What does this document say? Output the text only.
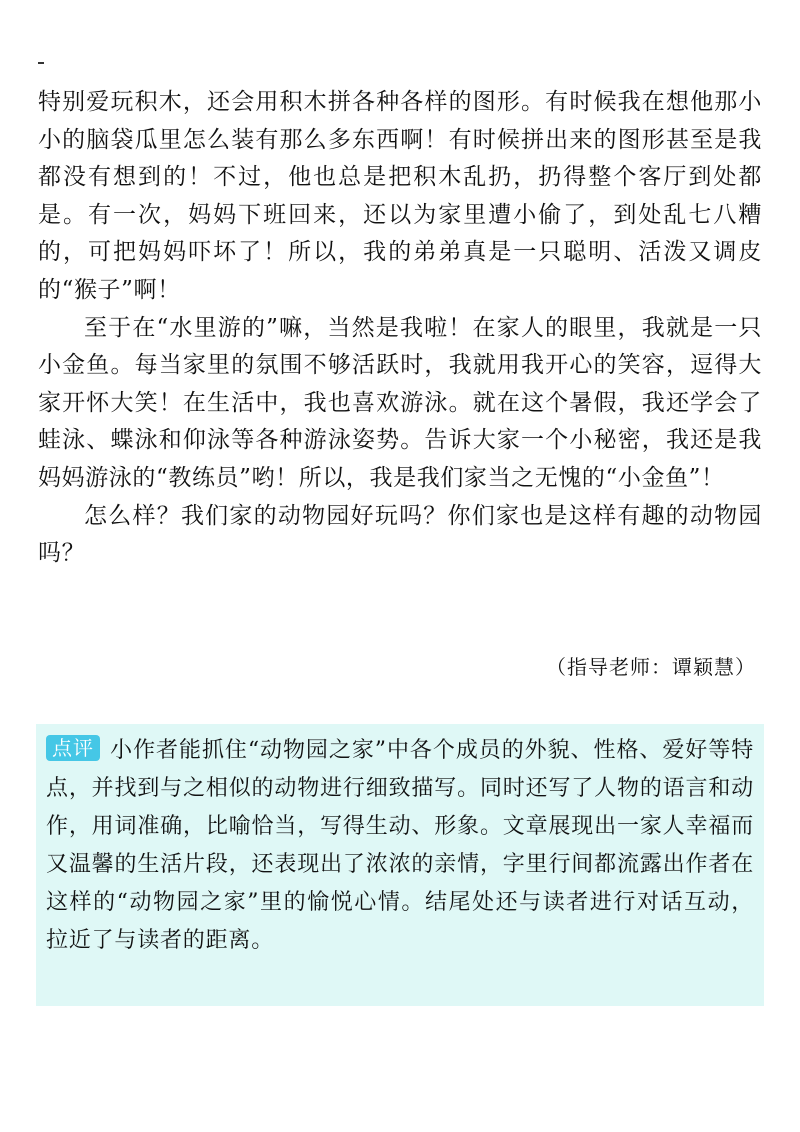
特别爱玩积木，还会用积木拼各种各样的图形。有时候我在想他那小小的脑袋瓜里怎么装有那么多东西啊！有时候拼出来的图形甚至是我都没有想到的！不过，他也总是把积木乱扔，扔得整个客厅到处都是。有一次，妈妈下班回来，还以为家里遭小偷了，到处乱七八糟的，可把妈妈吓坏了！所以，我的弟弟真是一只聪明、活泼又调皮的“猴子”啊！

至于在“水里游的”嘛，当然是我啦！在家人的眼里，我就是一只小金鱼。每当家里的氛围不够活跃时，我就用我开心的笑容，逗得大家开怀大笑！在生活中，我也喜欢游泳。就在这个暑假，我还学会了蛙泳、蝶泳和仰泳等各种游泳姿势。告诉大家一个小秘密，我还是我妈妈游泳的“教练员”哟！所以，我是我们家当之无愧的“小金鱼”！

怎么样？我们家的动物园好玩吗？你们家也是这样有趣的动物园吗？

（指导老师：谭颖慧）

点评 小作者能抓住“动物园之家”中各个成员的外貌、性格、爱好等特点，并找到与之相似的动物进行细致描写。同时还写了人物的语言和动作，用词准确，比喻恰当，写得生动、形象。文章展现出一家人幸福而又温馨的生活片段，还表现出了浓浓的亲情，字里行间都流露出作者在这样的“动物园之家”里的愉悦心情。结尾处还与读者进行对话互动，拉近了与读者的距离。
